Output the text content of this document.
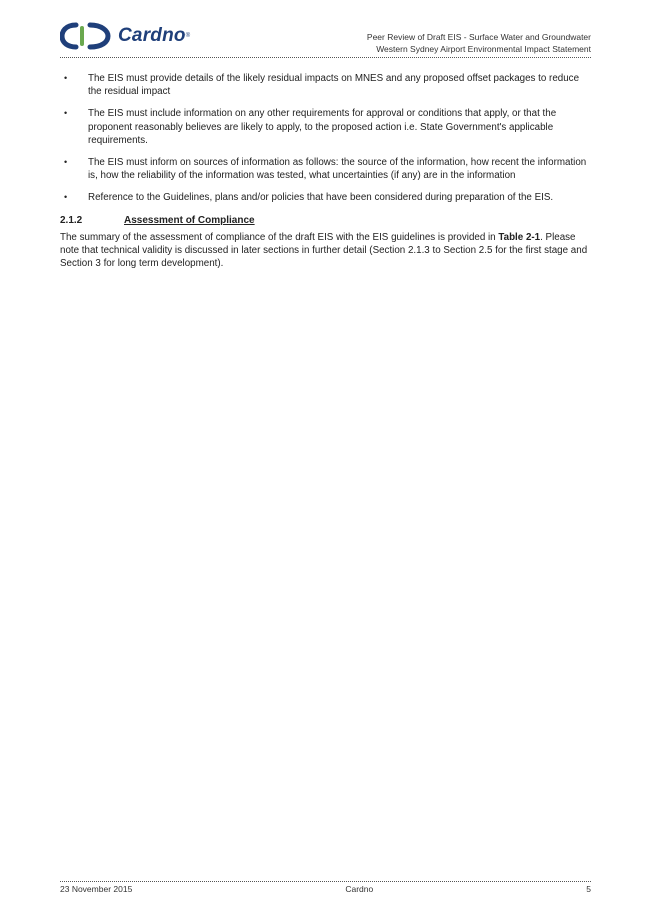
Cardno ®	Peer Review of Draft EIS - Surface Water and Groundwater
Western Sydney Airport Environmental Impact Statement
• The EIS must provide details of the likely residual impacts on MNES and any proposed offset packages to reduce the residual impact
• The EIS must include information on any other requirements for approval or conditions that apply, or that the proponent reasonably believes are likely to apply, to the proposed action i.e. State Government's applicable requirements.
• The EIS must inform on sources of information as follows: the source of the information, how recent the information is, how the reliability of the information was tested, what uncertainties (if any) are in the information
• Reference to the Guidelines, plans and/or policies that have been considered during preparation of the EIS.
2.1.2	Assessment of Compliance
The summary of the assessment of compliance of the draft EIS with the EIS guidelines is provided in Table 2-1. Please note that technical validity is discussed in later sections in further detail (Section 2.1.3 to Section 2.5 for the first stage and Section 3 for long term development).
23 November 2015	Cardno	5
